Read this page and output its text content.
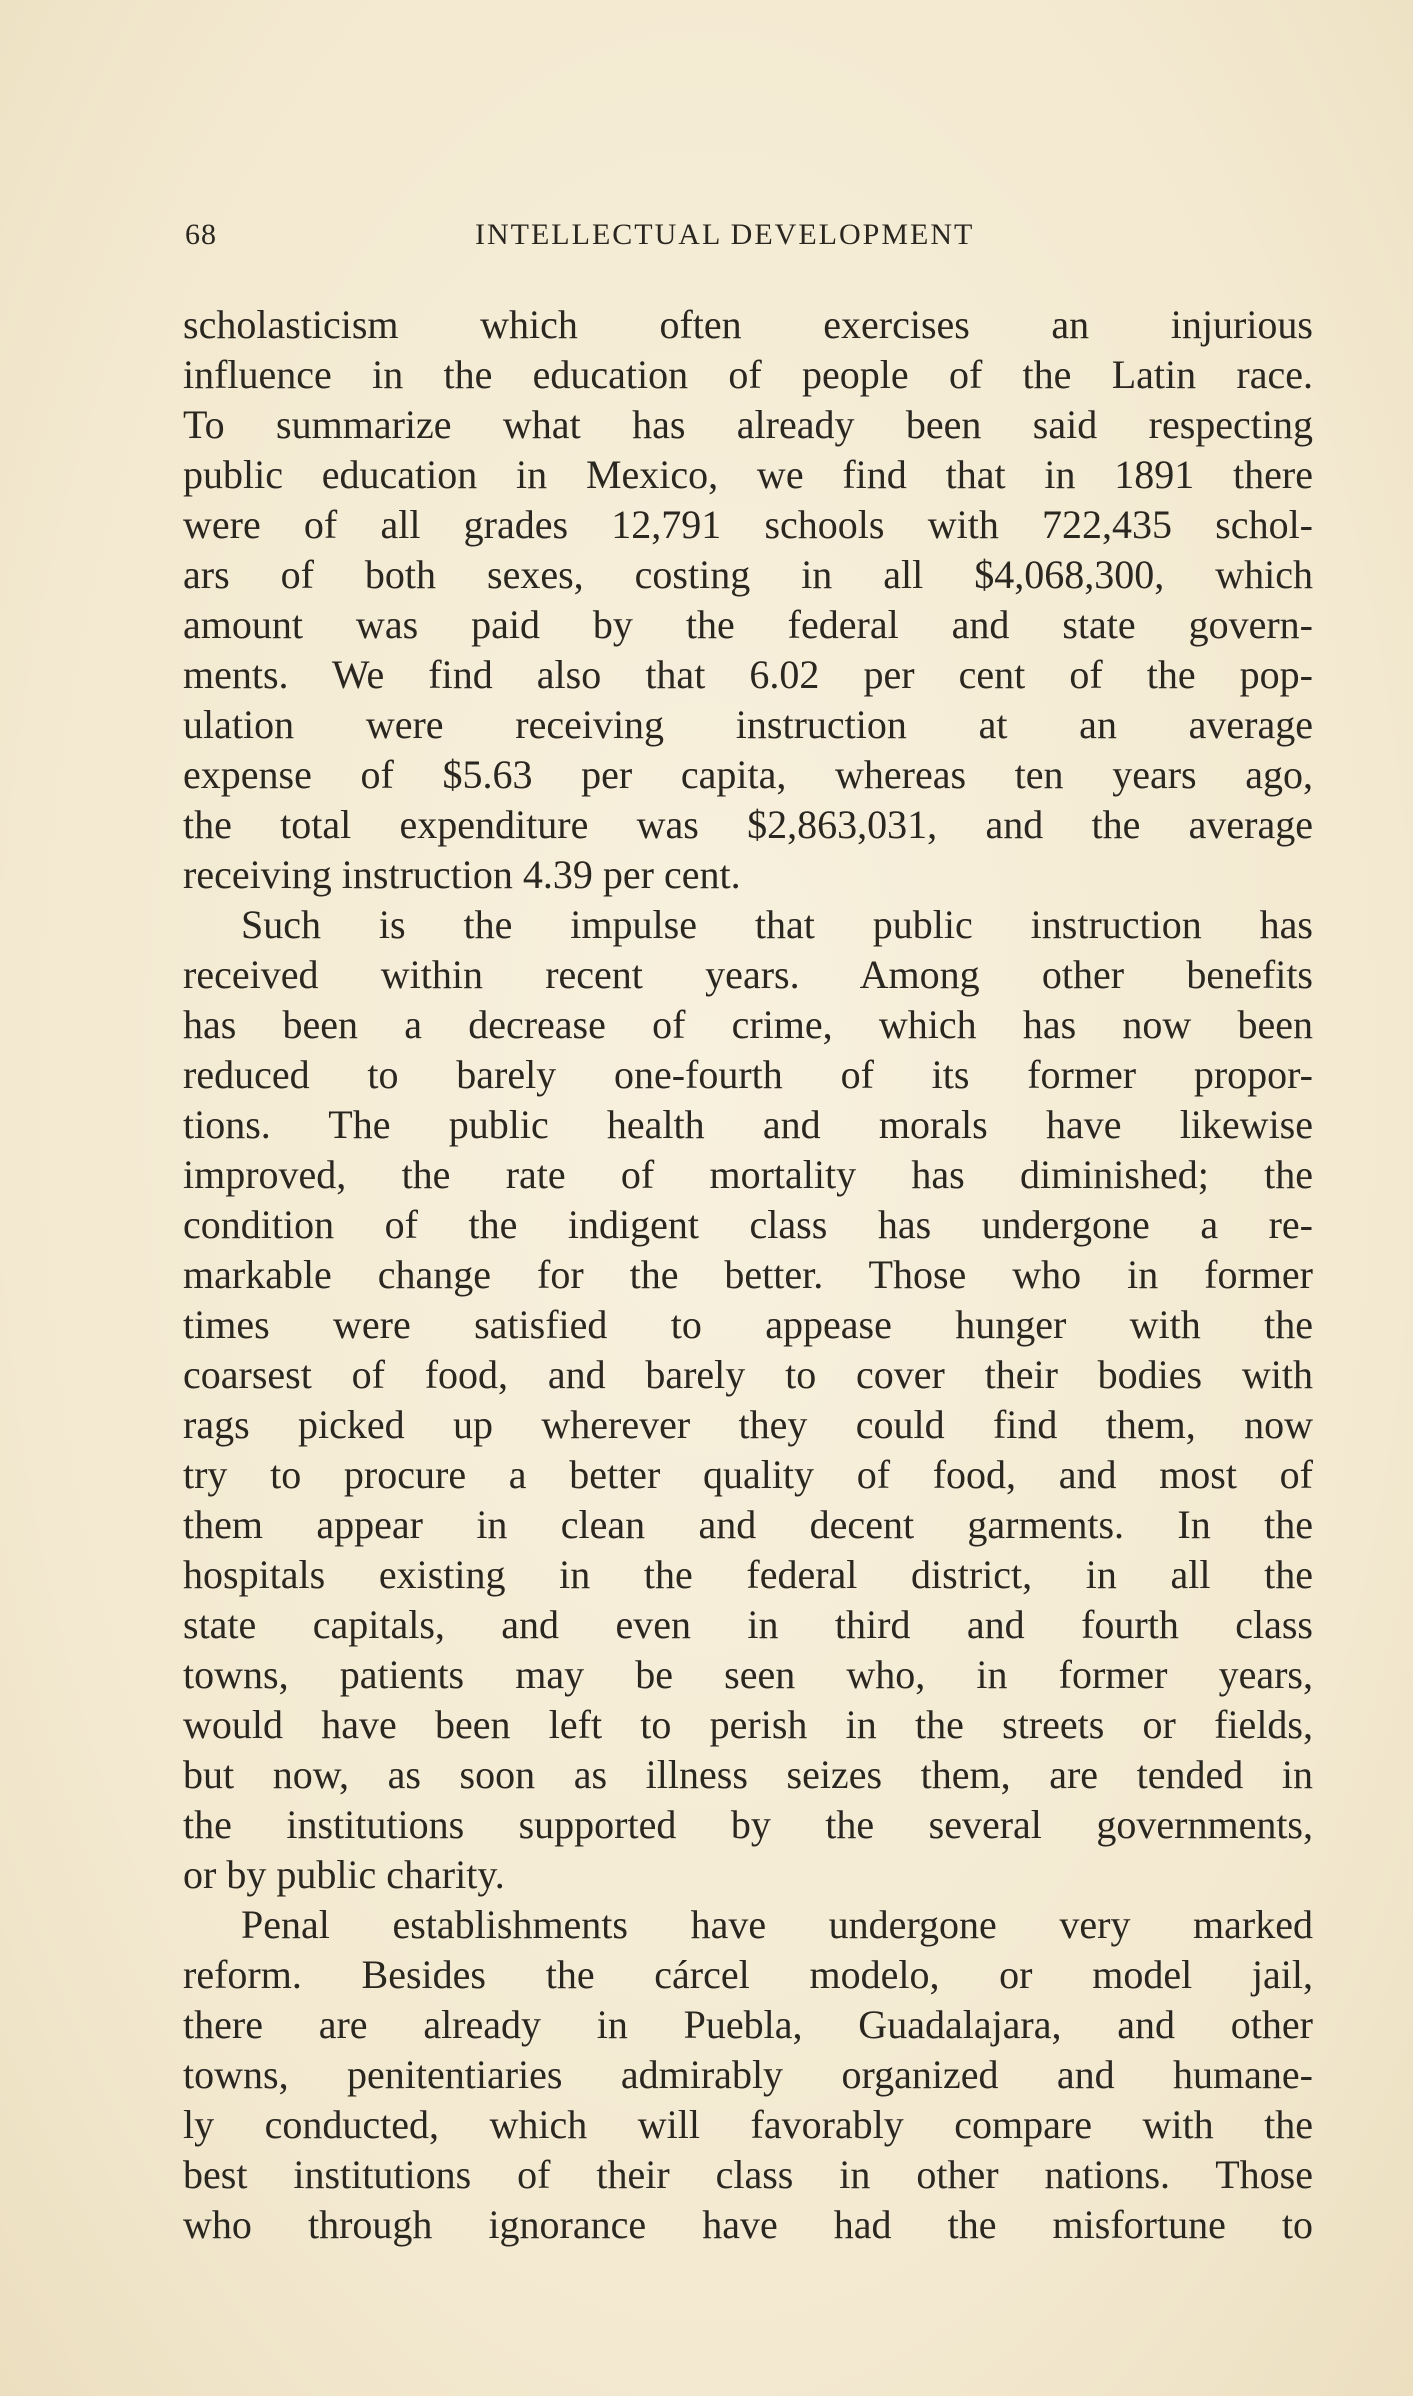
68	INTELLECTUAL DEVELOPMENT
scholasticism which often exercises an injurious
influence in the education of people of the Latin race.
To summarize what has already been said respecting
public education in Mexico, we find that in 1891 there
were of all grades 12,791 schools with 722,435 schol-
ars of both sexes, costing in all $4,068,300, which
amount was paid by the federal and state govern-
ments. We find also that 6.02 per cent of the pop-
ulation were receiving instruction at an average
expense of $5.63 per capita, whereas ten years ago,
the total expenditure was $2,863,031, and the average
receiving instruction 4.39 per cent.
Such is the impulse that public instruction has
received within recent years. Among other benefits
has been a decrease of crime, which has now been
reduced to barely one-fourth of its former propor-
tions. The public health and morals have likewise
improved, the rate of mortality has diminished; the
condition of the indigent class has undergone a re-
markable change for the better. Those who in former
times were satisfied to appease hunger with the
coarsest of food, and barely to cover their bodies with
rags picked up wherever they could find them, now
try to procure a better quality of food, and most of
them appear in clean and decent garments. In the
hospitals existing in the federal district, in all the
state capitals, and even in third and fourth class
towns, patients may be seen who, in former years,
would have been left to perish in the streets or fields,
but now, as soon as illness seizes them, are tended in
the institutions supported by the several governments,
or by public charity.
Penal establishments have undergone very marked
reform. Besides the cárcel modelo, or model jail,
there are already in Puebla, Guadalajara, and other
towns, penitentiaries admirably organized and humane-
ly conducted, which will favorably compare with the
best institutions of their class in other nations. Those
who through ignorance have had the misfortune to
